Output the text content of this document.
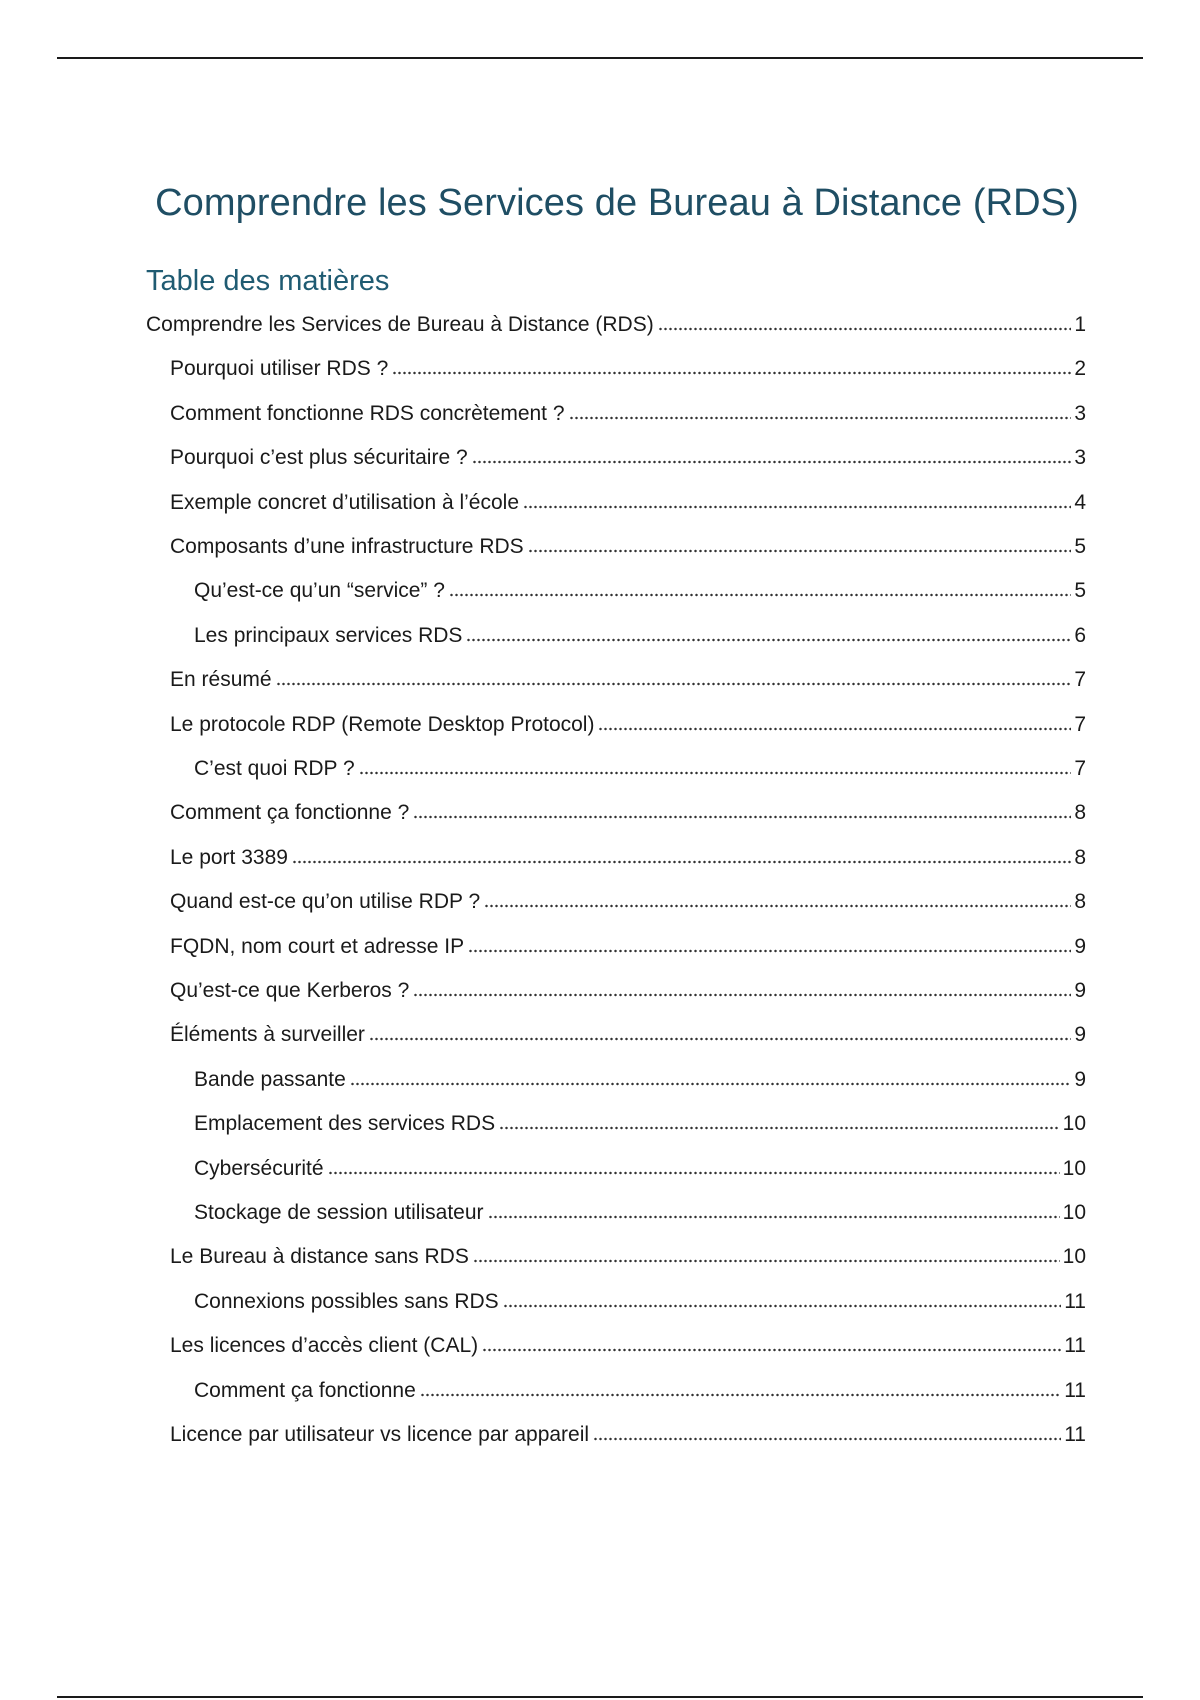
Comprendre les Services de Bureau à Distance (RDS)
Table des matières
Comprendre les Services de Bureau à Distance (RDS)	1
Pourquoi utiliser RDS ?	2
Comment fonctionne RDS concrètement ?	3
Pourquoi c’est plus sécuritaire ?	3
Exemple concret d’utilisation à l’école	4
Composants d’une infrastructure RDS	5
Qu’est-ce qu’un “service” ?	5
Les principaux services RDS	6
En résumé	7
Le protocole RDP (Remote Desktop Protocol)	7
C’est quoi RDP ?	7
Comment ça fonctionne ?	8
Le port 3389	8
Quand est-ce qu’on utilise RDP ?	8
FQDN, nom court et adresse IP	9
Qu’est-ce que Kerberos ?	9
Éléments à surveiller	9
Bande passante	9
Emplacement des services RDS	10
Cybersécurité	10
Stockage de session utilisateur	10
Le Bureau à distance sans RDS	10
Connexions possibles sans RDS	11
Les licences d’accès client (CAL)	11
Comment ça fonctionne	11
Licence par utilisateur vs licence par appareil	11
